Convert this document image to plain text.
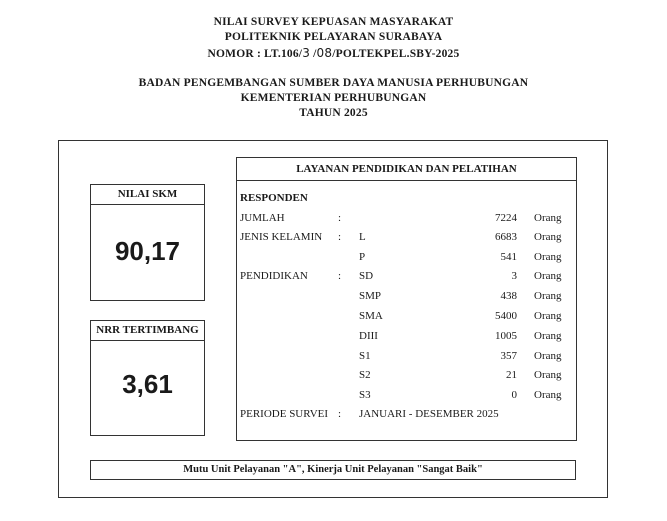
NILAI SURVEY KEPUASAN MASYARAKAT
POLITEKNIK PELAYARAN SURABAYA
NOMOR : LT.106/3 /08/POLTEKPEL.SBY-2025
BADAN PENGEMBANGAN SUMBER DAYA MANUSIA PERHUBUNGAN
KEMENTERIAN PERHUBUNGAN
TAHUN 2025
NILAI SKM
90,17
NRR TERTIMBANG
3,61
LAYANAN PENDIDIKAN DAN PELATIHAN
RESPONDEN
JUMLAH	:	7224 Orang
JENIS KELAMIN : L	6683 Orang
P	541 Orang
PENDIDIKAN	: SD	3 Orang
SMP	438 Orang
SMA	5400 Orang
DIII	1005 Orang
S1	357 Orang
S2	21 Orang
S3	0 Orang
PERIODE SURVEI : JANUARI - DESEMBER 2025
Mutu Unit Pelayanan "A", Kinerja Unit Pelayanan "Sangat Baik"
